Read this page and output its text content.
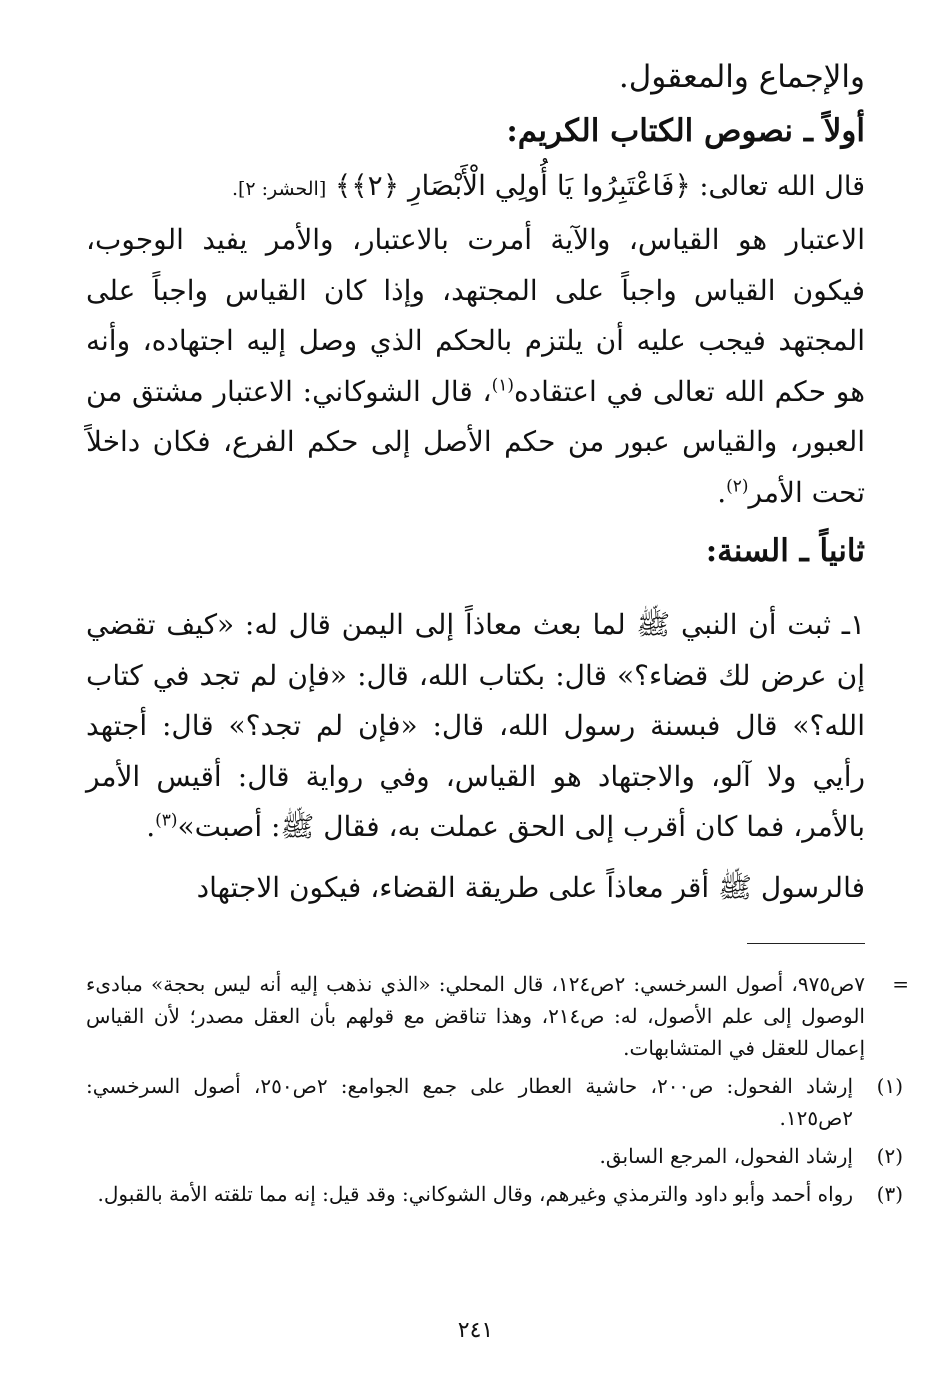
والإجماع والمعقول.

أولاً ـ نصوص الكتاب الكريم:

قال الله تعالى: ﴿فَاعْتَبِرُوا يَا أُولِي الْأَبْصَارِ ﴿٢﴾﴾ [الحشر: ٢].

الاعتبار هو القياس، والآية أمرت بالاعتبار، والأمر يفيد الوجوب، فيكون القياس واجباً على المجتهد، وإذا كان القياس واجباً على المجتهد فيجب عليه أن يلتزم بالحكم الذي وصل إليه اجتهاده، وأنه هو حكم الله تعالى في اعتقاده$^{(١)}$، قال الشوكاني: الاعتبار مشتق من العبور، والقياس عبور من حكم الأصل إلى حكم الفرع، فكان داخلاً تحت الأمر$^{(٢)}$.

ثانياً ـ السنة:

١ـ ثبت أن النبي ﷺ لما بعث معاذاً إلى اليمن قال له: «كيف تقضي إن عرض لك قضاء؟» قال: بكتاب الله، قال: «فإن لم تجد في كتاب الله؟» قال فبسنة رسول الله، قال: «فإن لم تجد؟» قال: أجتهد رأيي ولا آلو، والاجتهاد هو القياس، وفي رواية قال: أقيس الأمر بالأمر، فما كان أقرب إلى الحق عملت به، فقال ﷺ: أصبت»$^{(٣)}$.

فالرسول ﷺ أقر معاذاً على طريقة القضاء، فيكون الاجتهاد

=
٧ص٩٧٥، أصول السرخسي: ٢ص١٢٤، قال المحلي: «الذي نذهب إليه أنه ليس بحجة» مبادىء الوصول إلى علم الأصول، له: ص٢١٤، وهذا تناقض مع قولهم بأن العقل مصدر؛ لأن القياس إعمال للعقل في المتشابهات.

(١)
إرشاد الفحول: ص٢٠٠، حاشية العطار على جمع الجوامع: ٢ص٢٥٠، أصول السرخسي: ٢ص١٢٥.
(٢)
إرشاد الفحول، المرجع السابق.
(٣)
رواه أحمد وأبو داود والترمذي وغيرهم، وقال الشوكاني: وقد قيل: إنه مما تلقته الأمة بالقبول.
٢٤١
